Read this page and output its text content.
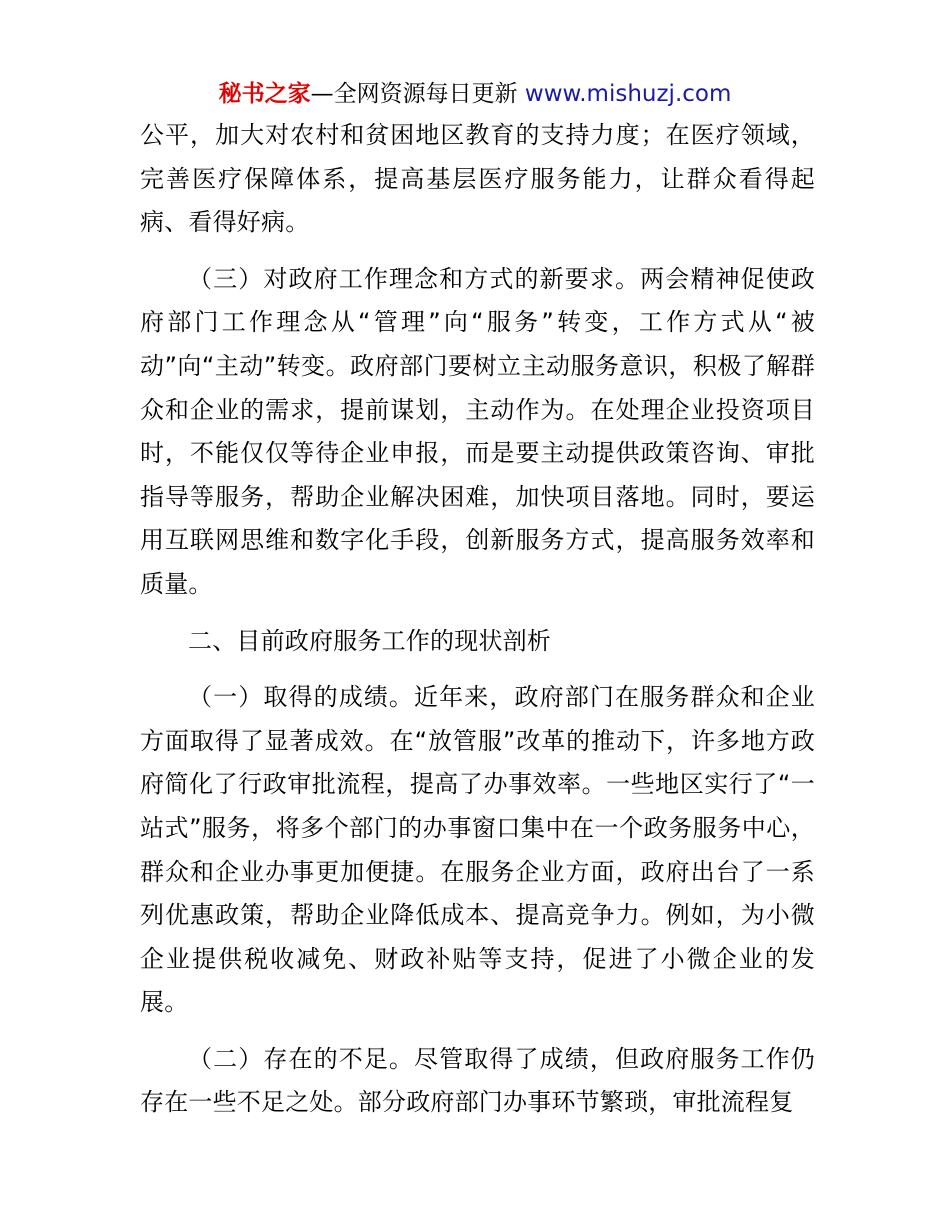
秘书之家—全网资源每日更新 www.mishuzj.com

公平，加大对农村和贫困地区教育的支持力度；在医疗领域，完善医疗保障体系，提高基层医疗服务能力，让群众看得起病、看得好病。

（三）对政府工作理念和方式的新要求。两会精神促使政府部门工作理念从“管理”向“服务”转变，工作方式从“被动”向“主动”转变。政府部门要树立主动服务意识，积极了解群众和企业的需求，提前谋划，主动作为。在处理企业投资项目时，不能仅仅等待企业申报，而是要主动提供政策咨询、审批指导等服务，帮助企业解决困难，加快项目落地。同时，要运用互联网思维和数字化手段，创新服务方式，提高服务效率和质量。

二、目前政府服务工作的现状剖析

（一）取得的成绩。近年来，政府部门在服务群众和企业方面取得了显著成效。在“放管服”改革的推动下，许多地方政府简化了行政审批流程，提高了办事效率。一些地区实行了“一站式”服务，将多个部门的办事窗口集中在一个政务服务中心，群众和企业办事更加便捷。在服务企业方面，政府出台了一系列优惠政策，帮助企业降低成本、提高竞争力。例如，为小微企业提供税收减免、财政补贴等支持，促进了小微企业的发展。

（二）存在的不足。尽管取得了成绩，但政府服务工作仍存在一些不足之处。部分政府部门办事环节繁琐，审批流程复
